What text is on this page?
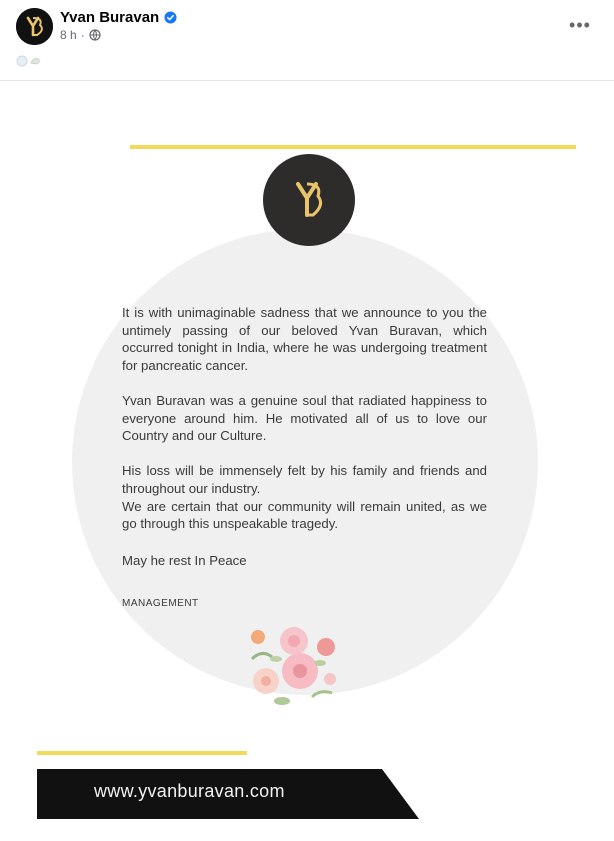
Yvan Buravan
8 h ·
•••

It is with unimaginable sadness that we announce to you the untimely passing of our beloved Yvan Buravan, which occurred tonight in India, where he was undergoing treatment for pancreatic cancer.

Yvan Buravan was a genuine soul that radiated happiness to everyone around him. He motivated all of us to love our Country and our Culture.

His loss will be immensely felt by his family and friends and throughout our industry.

We are certain that our community will remain united, as we go through this unspeakable tragedy.

May he rest In Peace
MANAGEMENT
www.yvanburavan.com
